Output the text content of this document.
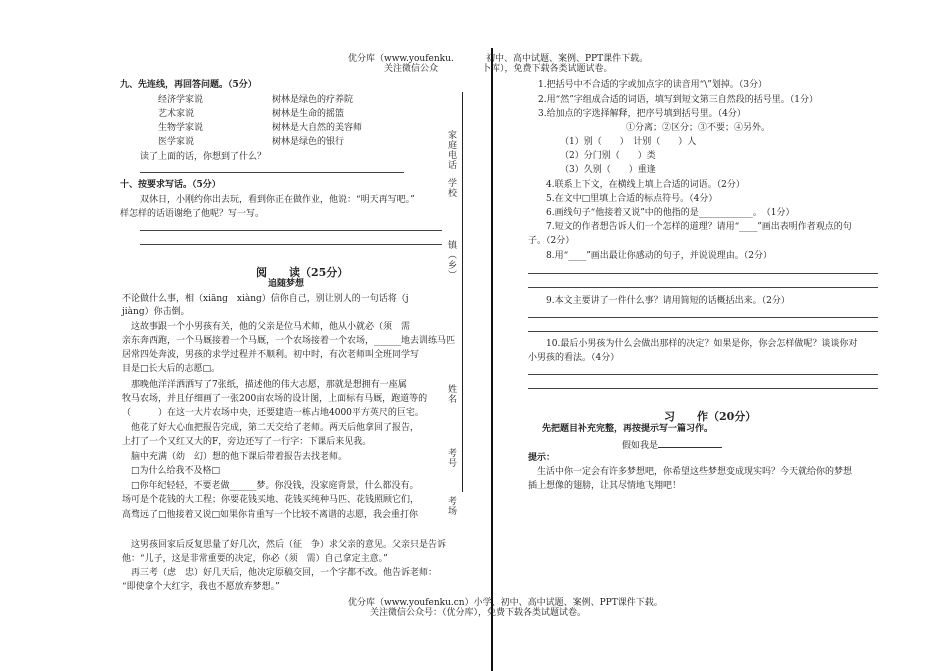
优分库（www.youfenku.
关注微信公众
初中、高中试题、案例、PPT课件下载。
卜库），免费下载各类试题试卷。
家庭电话
学校
镇（乡）
姓名
考号
考场
九、先连线，再回答问题。（5分）
经济学家说
艺术家说
生物学家说
医学家说
树林是绿色的疗养院
树林是生命的摇篮
树林是大自然的美容师
树林是绿色的银行
读了上面的话，你想到了什么？
十、按要求写话。（5分）
双休日，小刚约你出去玩，看到你正在做作业，他说：“明天再写吧。”
样怎样的话语谢绝了他呢？写一写。
阅　　读（25分）
追随梦想
不论做什么事，相（xiāng　xiàng）信你自己，别让别人的一句话将（j
jiàng）你击倒。
　这故事跟一个小男孩有关，他的父亲是位马术师，他从小就必（须　需
亲东奔西跑，一个马厩接着一个马厩，一个农场接着一个农场，______地去训练马匹
居常四处奔波，男孩的求学过程并不顺利。初中时，有次老师叫全班同学写
目是□长大后的志愿□。
　那晚他洋洋洒洒写了7张纸，描述他的伟大志愿，那就是想拥有一座属
牧马农场，并且仔细画了一张200亩农场的设计图，上面标有马厩，跑道等的
（　　　）在这一大片农场中央，还要建造一栋占地4000平方英尺的巨宅。
　他花了好大心血把报告完成，第二天交给了老师。两天后他拿回了报告，
上打了一个又红又大的F，旁边还写了一行字：下课后来见我。
　脑中充满（幼　幻）想的他下课后带着报告去找老师。
　□为什么给我不及格□
　□你年纪轻轻，不要老做______梦。你没钱，没家庭背景，什么都没有。
场可是个花钱的大工程；你要花钱买地、花钱买纯种马匹、花钱照顾它们，
高骛远了□他接着又说□如果你肯重写一个比较不离谱的志愿，我会重打你
　这男孩回家后反复思量了好几次，然后（征　争）求父亲的意见。父亲只是告诉
他：“儿子，这是非常重要的决定，你必（须　需）自己拿定主意。”
　再三考（虑　忠）好几天后，他决定原稿交回，一个字都不改。他告诉老师：
“即使拿个大红字，我也不愿放弃梦想。”
1.把括号中不合适的字或加点字的读音用“\”划掉。（3分）
2.用“然”字组成合适的词语，填写到短文第三自然段的括号里。（1分）
3.给加点的字选择解释，把序号填到括号里。（4分）
①分离；②区分；③不要；④另外。
（1）别（　　）　计别（　　）人
（2）分门别（　　）类
（3）久别（　　）重逢
4.联系上下文，在横线上填上合适的词语。（2分）
5.在文中□里填上合适的标点符号。（4分）
6.画线句子“他接着又说”中的他指的是____________。　（1分）
7.短文的作者想告诉人们一个怎样的道理？请用“____”画出表明作者观点的句
子。（2分）
8.用“____”画出最让你感动的句子，并说说理由。（2分）
9.本文主要讲了一件什么事？请用简短的话概括出来。（2分）
10.最后小男孩为什么会做出那样的决定？如果是你，你会怎样做呢？谈谈你对
小男孩的看法。（4分）
习　　作（20分）
先把题目补充完整，再按提示写一篇习作。
假如我是
提示：
　生活中你一定会有许多梦想吧，你希望这些梦想变成现实吗？今天就给你的梦想
插上想像的翅膀，让其尽情地飞翔吧！
优分库（www.youfenku.cn）小学、初中、高中试题、案例、PPT课件下载。
关注微信公众号：（优分库），免费下载各类试题试卷。
